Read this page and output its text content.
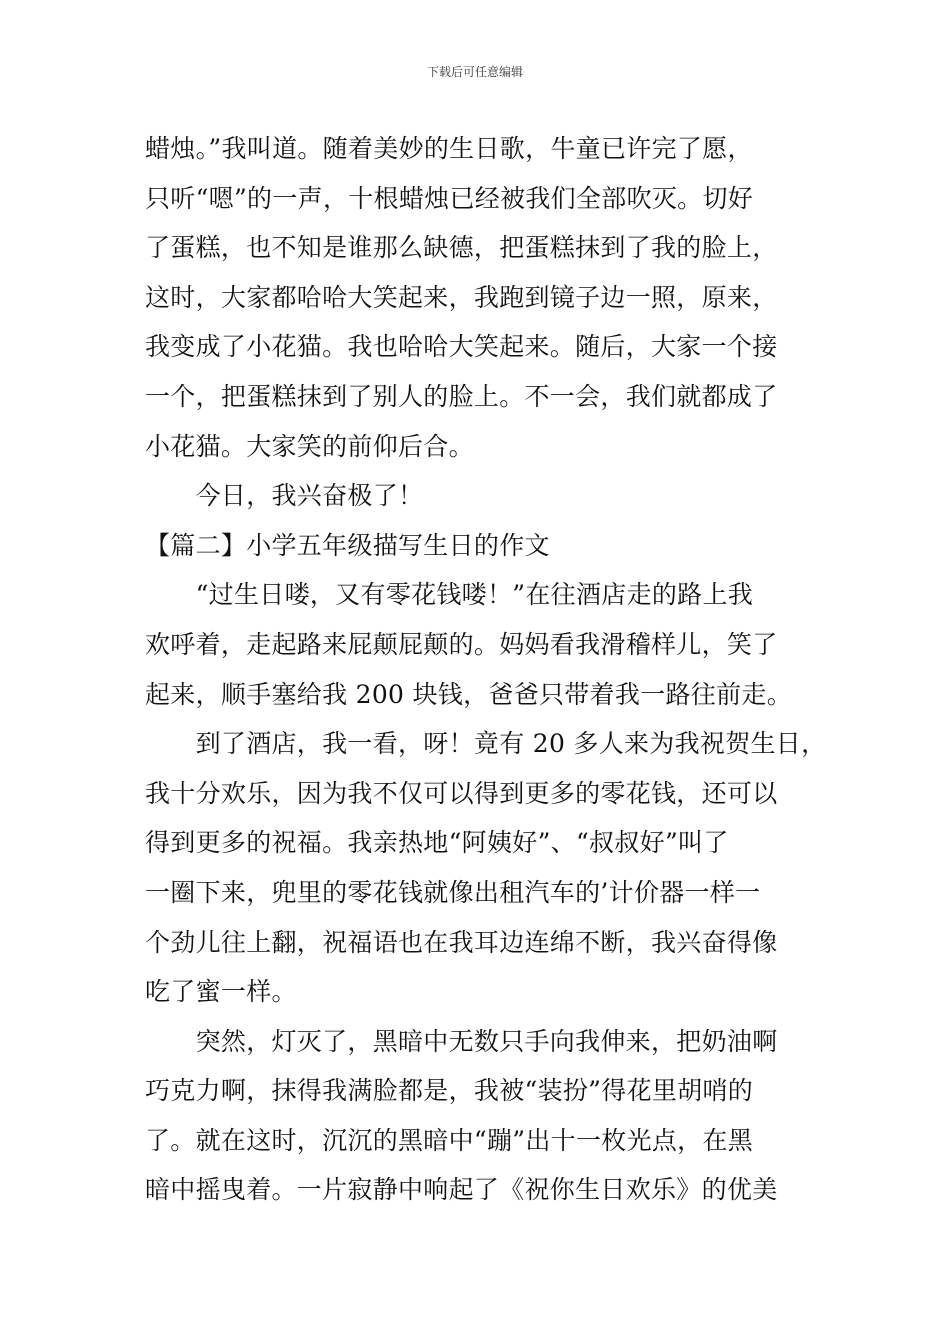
下载后可任意编辑
蜡烛。”我叫道。随着美妙的生日歌，牛童已许完了愿，
只听“嗯”的一声，十根蜡烛已经被我们全部吹灭。切好
了蛋糕，也不知是谁那么缺德，把蛋糕抹到了我的脸上，
这时，大家都哈哈大笑起来，我跑到镜子边一照，原来，
我变成了小花猫。我也哈哈大笑起来。随后，大家一个接
一个，把蛋糕抹到了别人的脸上。不一会，我们就都成了
小花猫。大家笑的前仰后合。
　　今日，我兴奋极了！
【篇二】小学五年级描写生日的作文
　　“过生日喽，又有零花钱喽！”在往酒店走的路上我
欢呼着，走起路来屁颠屁颠的。妈妈看我滑稽样儿，笑了
起来，顺手塞给我 200 块钱，爸爸只带着我一路往前走。
　　到了酒店，我一看，呀！竟有 20 多人来为我祝贺生日，
我十分欢乐，因为我不仅可以得到更多的零花钱，还可以
得到更多的祝福。我亲热地“阿姨好”、“叔叔好”叫了
一圈下来，兜里的零花钱就像出租汽车的’计价器一样一
个劲儿往上翻，祝福语也在我耳边连绵不断，我兴奋得像
吃了蜜一样。
　　突然，灯灭了，黑暗中无数只手向我伸来，把奶油啊
巧克力啊，抹得我满脸都是，我被“装扮”得花里胡哨的
了。就在这时，沉沉的黑暗中“蹦”出十一枚光点，在黑
暗中摇曳着。一片寂静中响起了《祝你生日欢乐》的优美
